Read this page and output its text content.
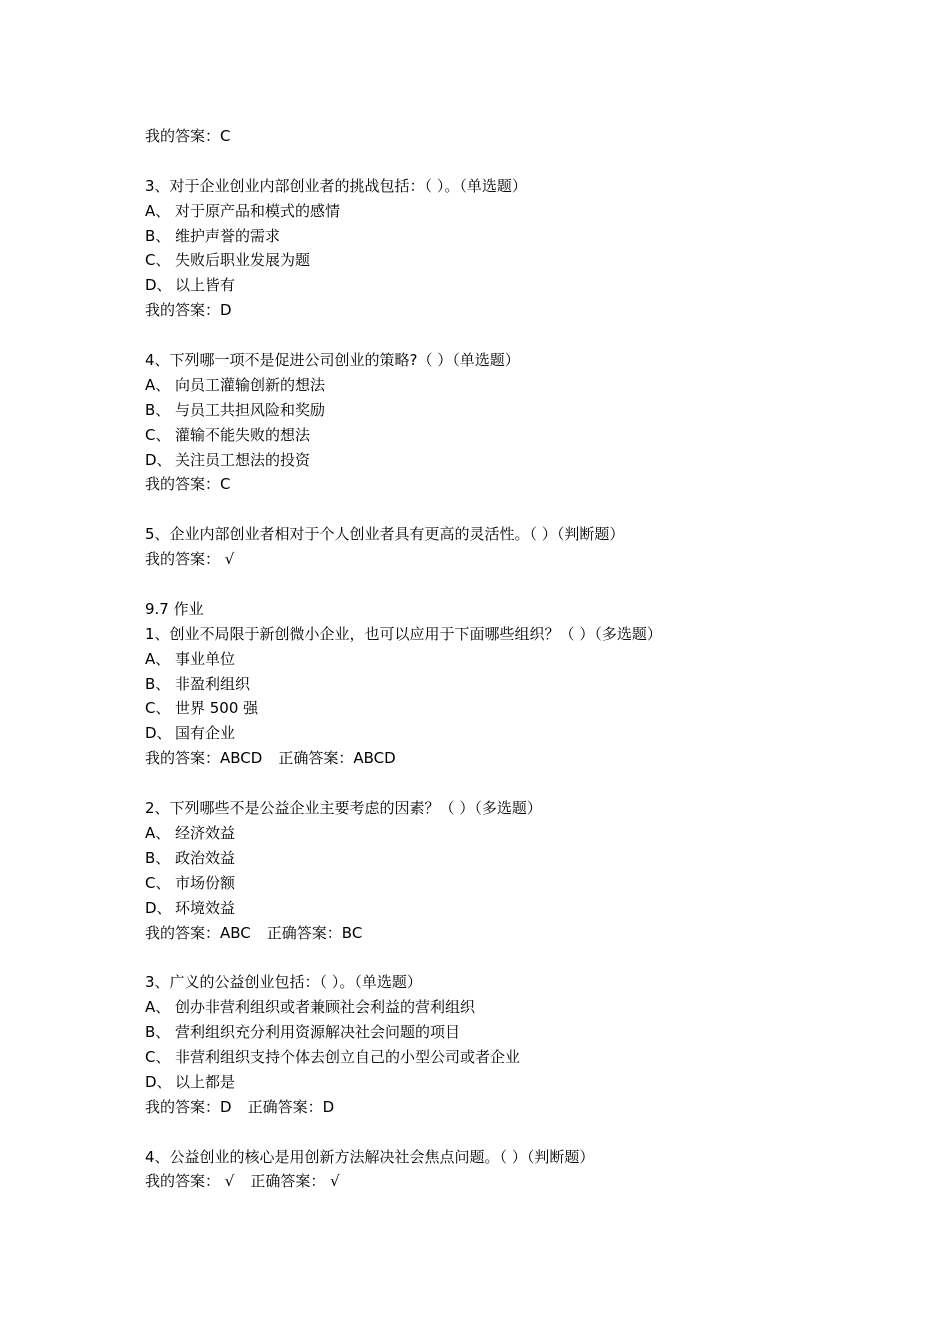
我的答案：C
3、对于企业创业内部创业者的挑战包括：（ ）。（单选题）
A、 对于原产品和模式的感情
B、 维护声誉的需求
C、 失败后职业发展为题
D、 以上皆有
我的答案：D
4、下列哪一项不是促进公司创业的策略?（ ）（单选题）
A、 向员工灌输创新的想法
B、 与员工共担风险和奖励
C、 灌输不能失败的想法
D、 关注员工想法的投资
我的答案：C
5、企业内部创业者相对于个人创业者具有更高的灵活性。（ ）（判断题）
我的答案： √
9.7 作业
1、创业不局限于新创微小企业，也可以应用于下面哪些组织？（ ）（多选题）
A、 事业单位
B、 非盈利组织
C、 世界 500 强
D、 国有企业
我的答案：ABCD 正确答案：ABCD
2、下列哪些不是公益企业主要考虑的因素？（ ）（多选题）
A、 经济效益
B、 政治效益
C、 市场份额
D、 环境效益
我的答案：ABC 正确答案：BC
3、广义的公益创业包括：（ ）。（单选题）
A、 创办非营利组织或者兼顾社会利益的营利组织
B、 营利组织充分利用资源解决社会问题的项目
C、 非营利组织支持个体去创立自己的小型公司或者企业
D、 以上都是
我的答案：D 正确答案：D
4、公益创业的核心是用创新方法解决社会焦点问题。（ ）（判断题）
我的答案： √ 正确答案： √
